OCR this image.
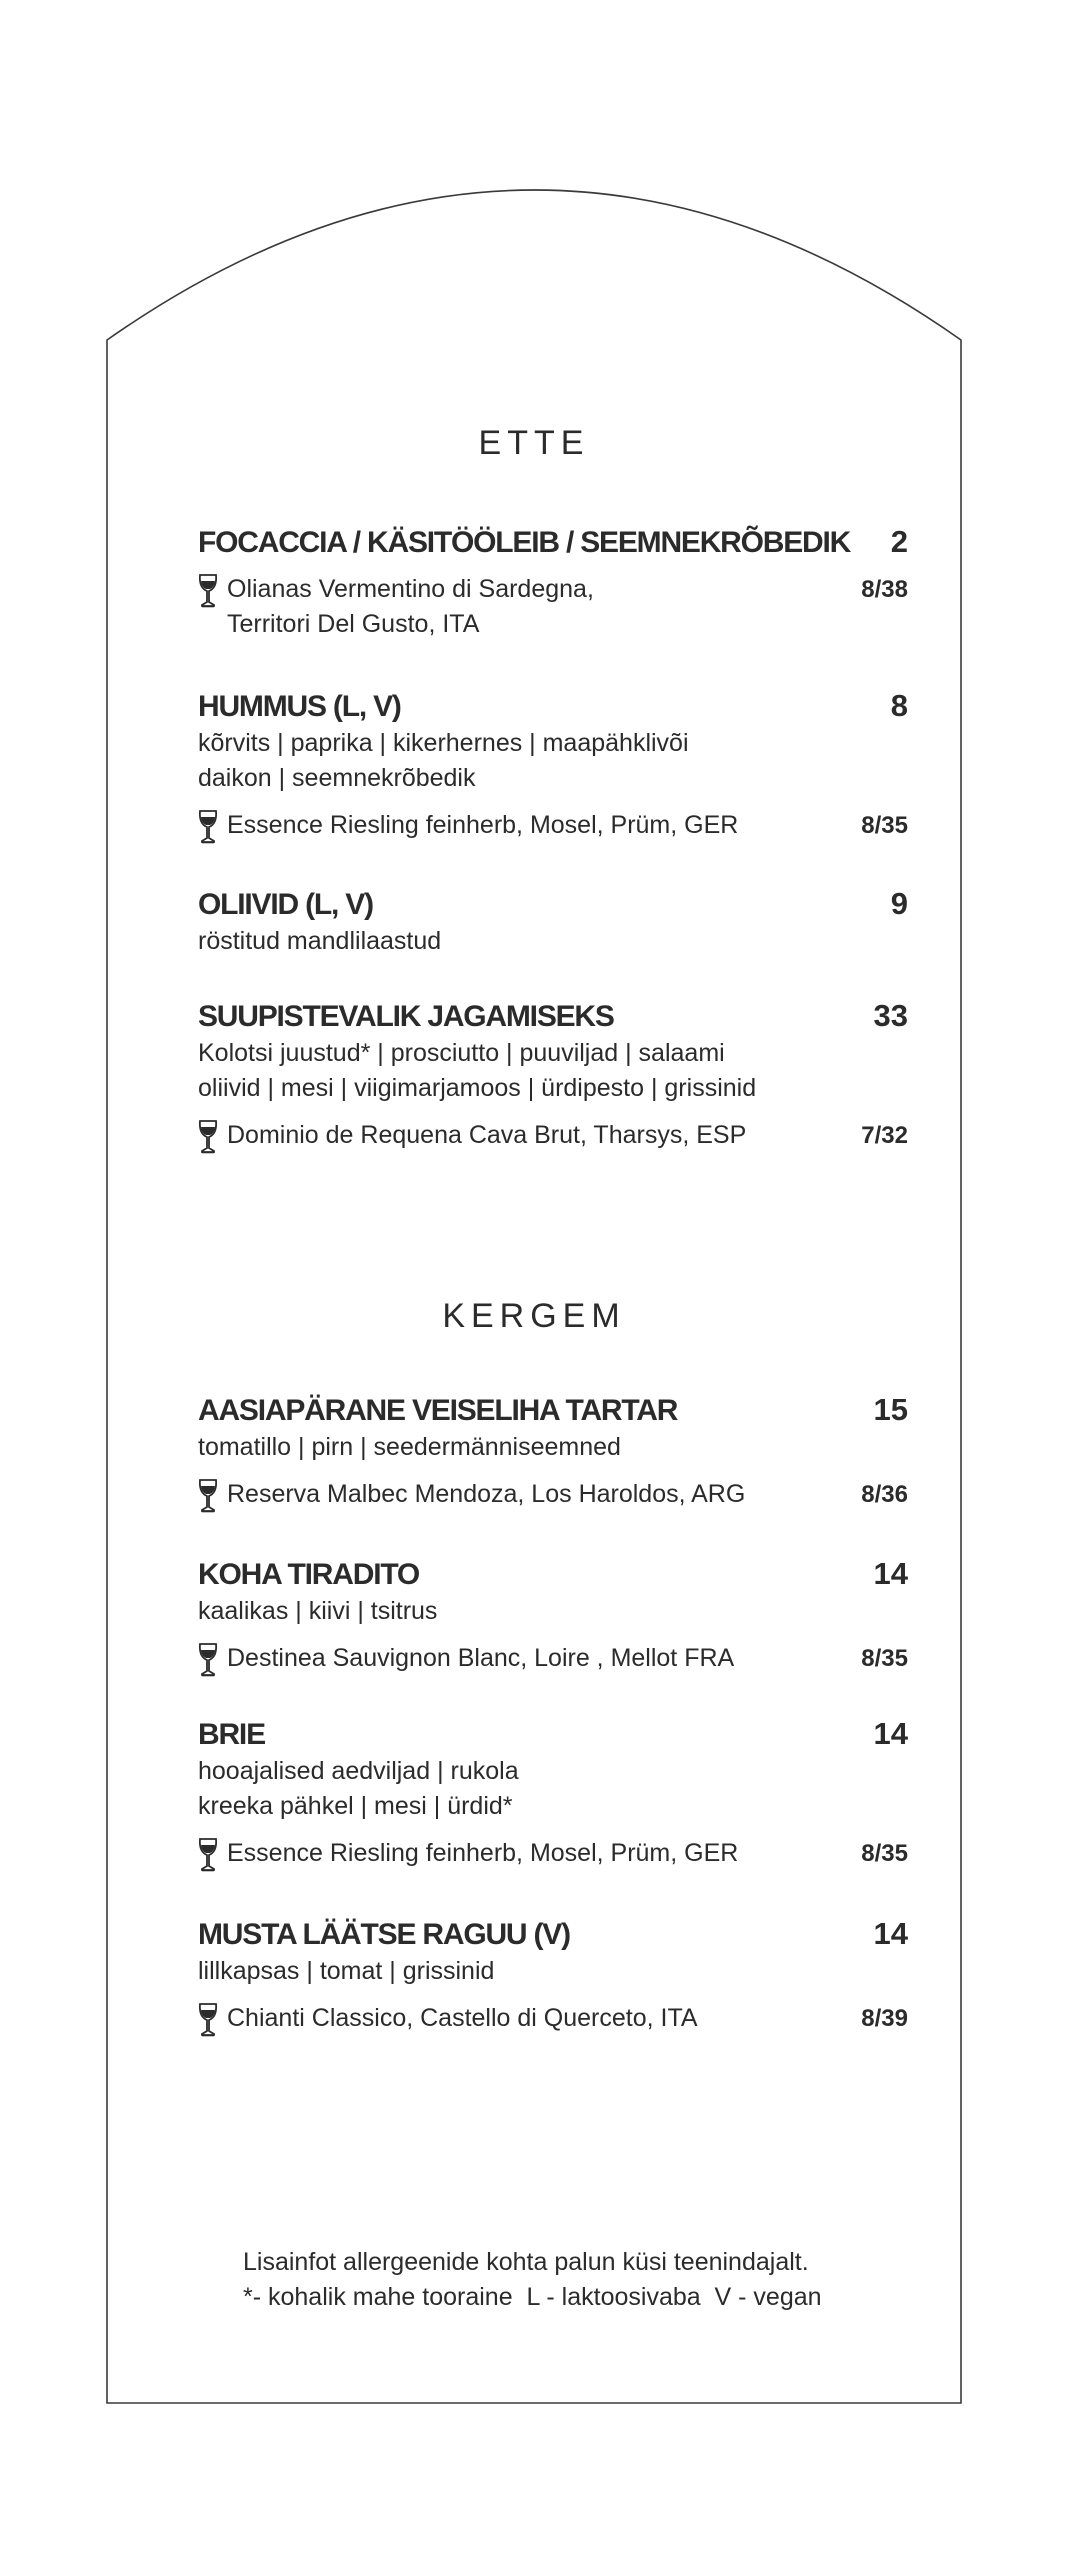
ETTE
FOCACCIA / KÄSITÖÖLEIB / SEEMNEKRÕBEDIK 2
Olianas Vermentino di Sardegna,
Territori Del Gusto, ITA
8/38
HUMMUS (L, V)	8
kõrvits | paprika | kikerhernes | maapähklivõi
daikon | seemnekrõbedik
Essence Riesling feinherb, Mosel, Prüm, GER	8/35
OLIIVID (L, V)	9
röstitud mandlilaastud
SUUPISTEVALIK JAGAMISEKS	33
Kolotsi juustud* | prosciutto | puuviljad | salaami
oliivid | mesi | viigimarjamoos | ürdipesto | grissinid
Dominio de Requena Cava Brut, Tharsys, ESP	7/32
KERGEM
AASIAPÄRANE VEISELIHA TARTAR	15
tomatillo | pirn | seedermänniseemned
Reserva Malbec Mendoza, Los Haroldos, ARG	8/36
KOHA TIRADITO	14
kaalikas | kiivi | tsitrus
Destinea Sauvignon Blanc, Loire , Mellot FRA	8/35
BRIE	14
hooajalised aedviljad | rukola
kreeka pähkel | mesi | ürdid*
Essence Riesling feinherb, Mosel, Prüm, GER	8/35
MUSTA LÄÄTSE RAGUU (V)	14
lillkapsas | tomat | grissinid
Chianti Classico, Castello di Querceto, ITA	8/39
Lisainfot allergeenide kohta palun küsi teenindajalt.
*- kohalik mahe tooraine  L - laktoosivaba  V - vegan
